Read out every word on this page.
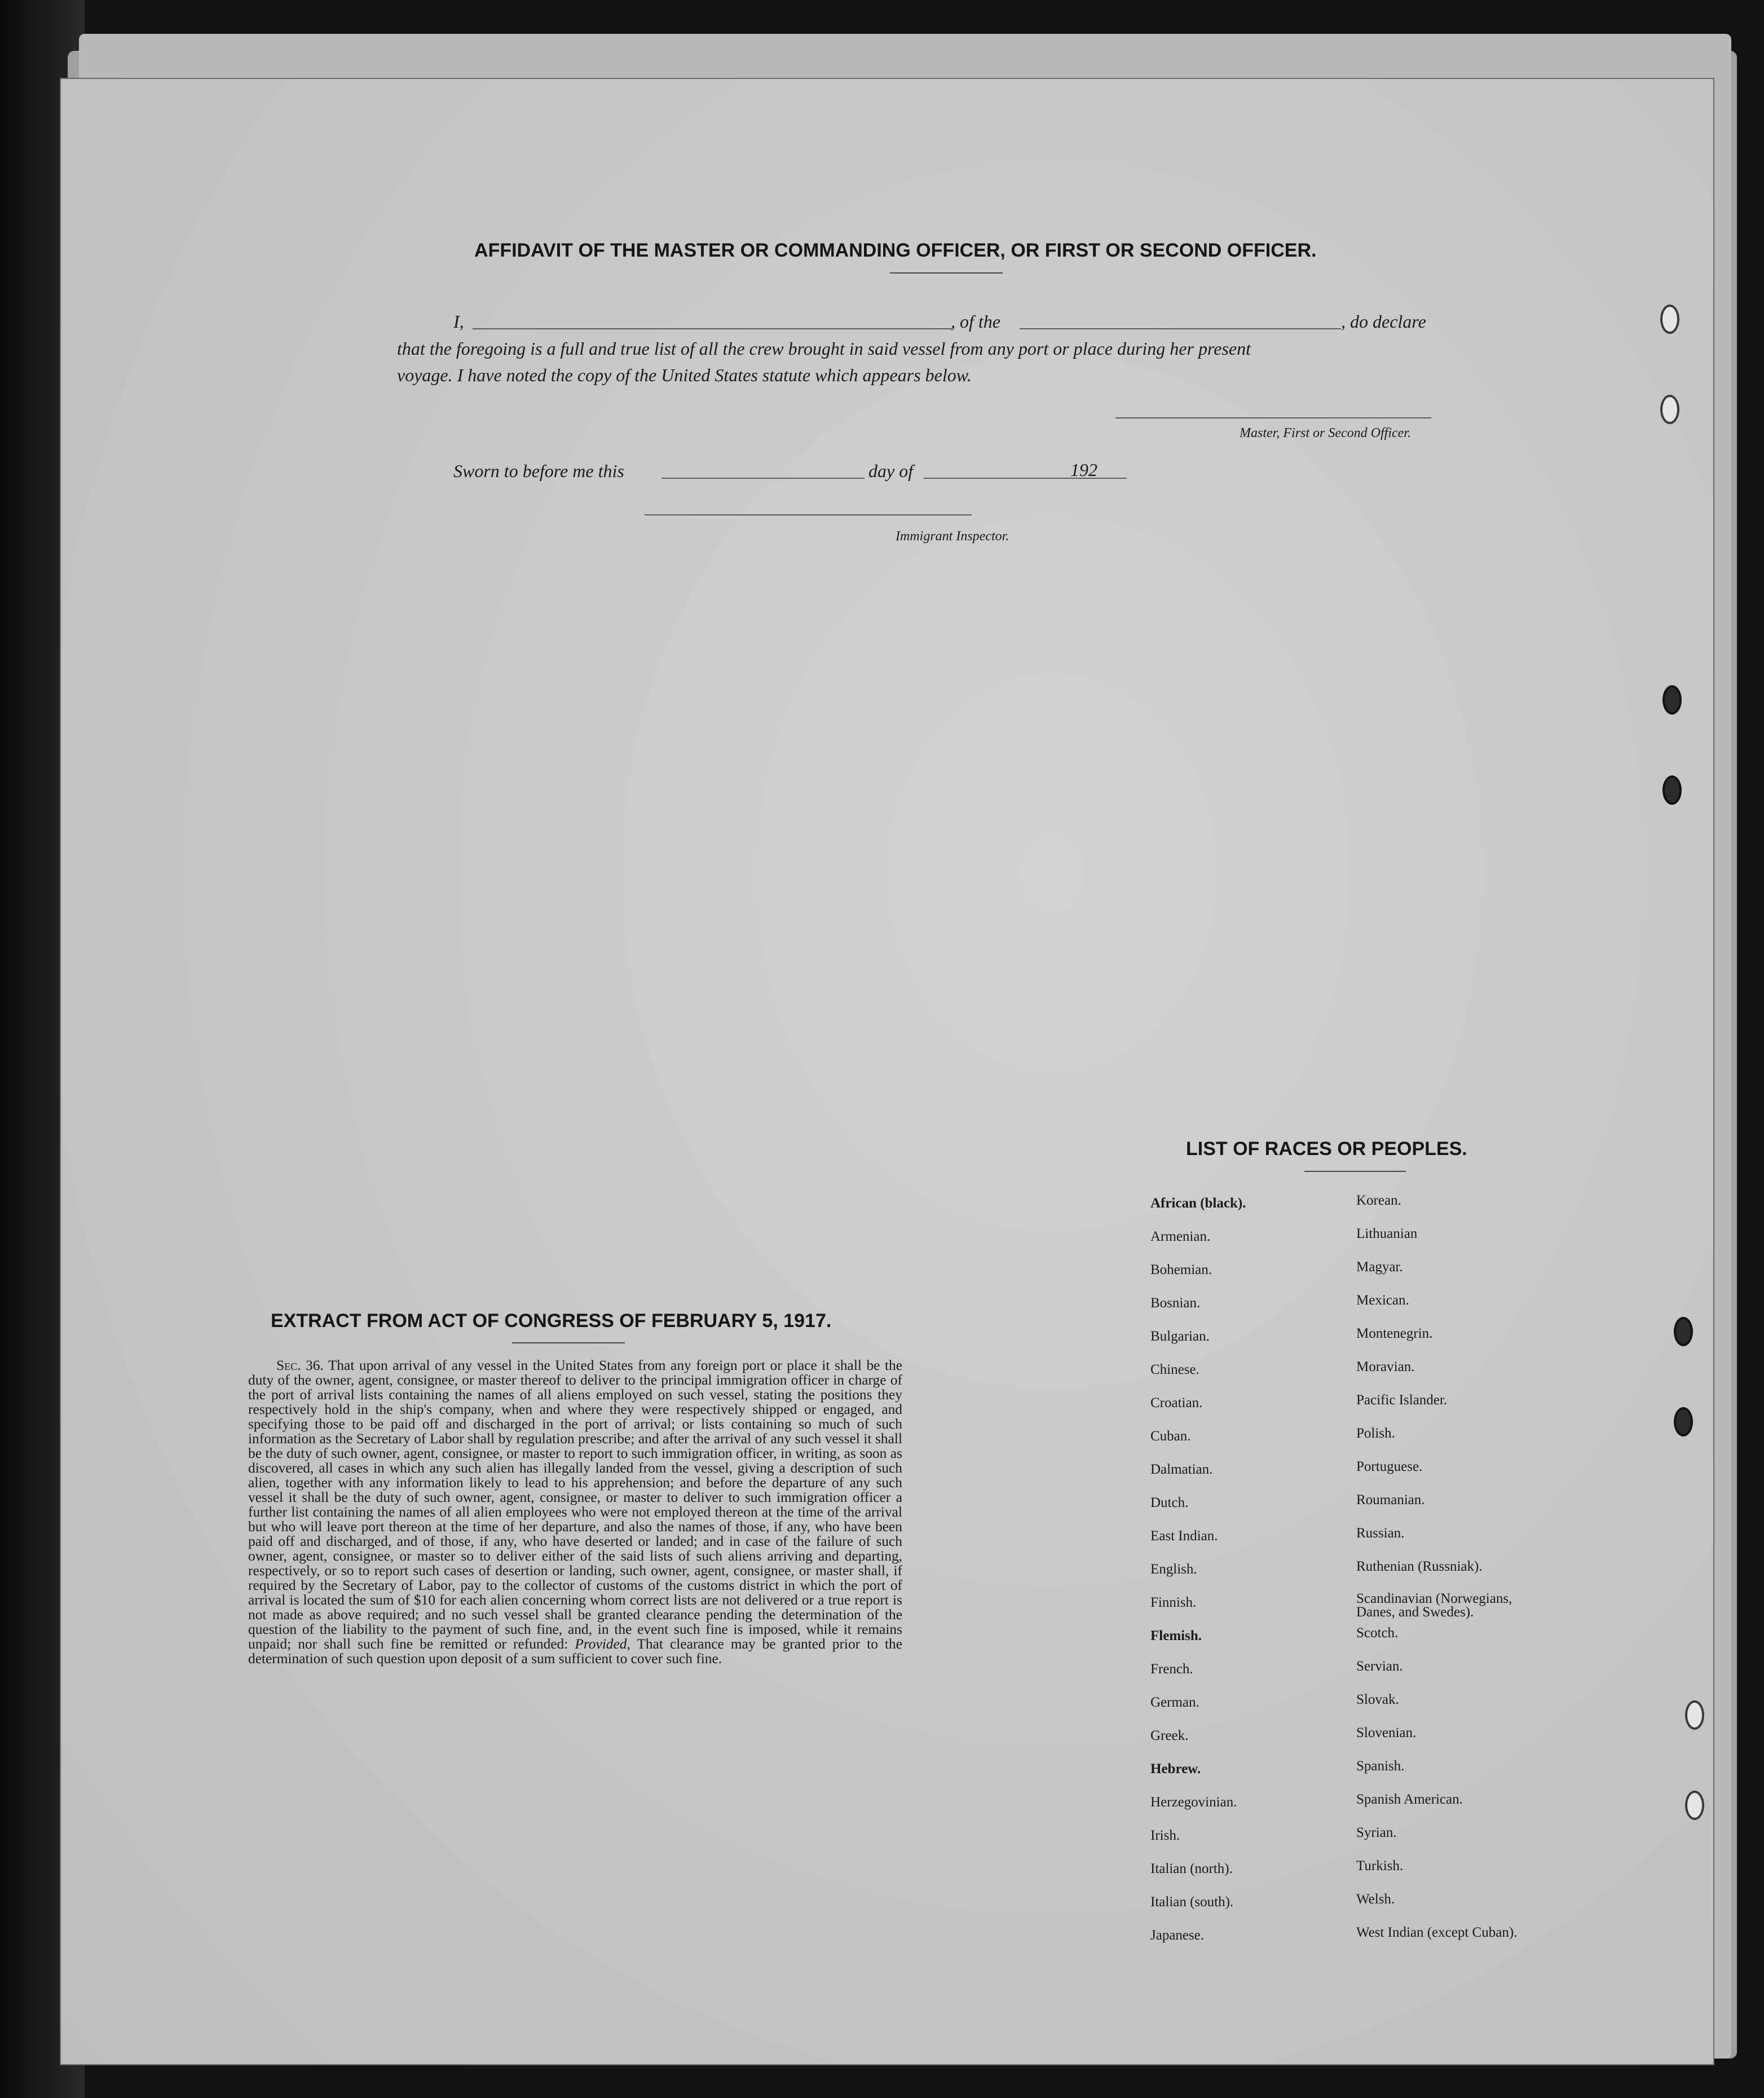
AFFIDAVIT OF THE MASTER OR COMMANDING OFFICER, OR FIRST OR SECOND OFFICER.
I,	, of the	, do declare
that the foregoing is a full and true list of all the crew brought in said vessel from any port or place during her present
voyage. I have noted the copy of the United States statute which appears below.
Master, First or Second Officer.
Sworn to before me this	day of	192
Immigrant Inspector.
EXTRACT FROM ACT OF CONGRESS OF FEBRUARY 5, 1917.
Sec. 36. That upon arrival of any vessel in the United States from any foreign port or place it shall be the duty of the owner, agent, consignee, or master thereof to deliver to the principal immigration officer in charge of the port of arrival lists containing the names of all aliens employed on such vessel, stating the positions they respectively hold in the ship's company, when and where they were respectively shipped or engaged, and specifying those to be paid off and discharged in the port of arrival; or lists containing so much of such information as the Secretary of Labor shall by regulation prescribe; and after the arrival of any such vessel it shall be the duty of such owner, agent, consignee, or master to report to such immigration officer, in writing, as soon as discovered, all cases in which any such alien has illegally landed from the vessel, giving a description of such alien, together with any information likely to lead to his apprehension; and before the departure of any such vessel it shall be the duty of such owner, agent, consignee, or master to deliver to such immigration officer a further list containing the names of all alien employees who were not employed thereon at the time of the arrival but who will leave port thereon at the time of her departure, and also the names of those, if any, who have been paid off and discharged, and of those, if any, who have deserted or landed; and in case of the failure of such owner, agent, consignee, or master so to deliver either of the said lists of such aliens arriving and departing, respectively, or so to report such cases of desertion or landing, such owner, agent, consignee, or master shall, if required by the Secretary of Labor, pay to the collector of customs of the customs district in which the port of arrival is located the sum of $10 for each alien concerning whom correct lists are not delivered or a true report is not made as above required; and no such vessel shall be granted clearance pending the determination of the question of the liability to the payment of such fine, and, in the event such fine is imposed, while it remains unpaid; nor shall such fine be remitted or refunded: Provided, That clearance may be granted prior to the determination of such question upon deposit of a sum sufficient to cover such fine.
LIST OF RACES OR PEOPLES.
African (black).
Armenian.
Bohemian.
Bosnian.
Bulgarian.
Chinese.
Croatian.
Cuban.
Dalmatian.
Dutch.
East Indian.
English.
Finnish.
Flemish.
French.
German.
Greek.
Hebrew.
Herzegovinian.
Irish.
Italian (north).
Italian (south).
Japanese.
Korean.
Lithuanian
Magyar.
Mexican.
Montenegrin.
Moravian.
Pacific Islander.
Polish.
Portuguese.
Roumanian.
Russian.
Ruthenian (Russniak).
Scandinavian (Norwegians,
Danes, and Swedes).
Scotch.
Servian.
Slovak.
Slovenian.
Spanish.
Spanish American.
Syrian.
Turkish.
Welsh.
West Indian (except Cuban).
